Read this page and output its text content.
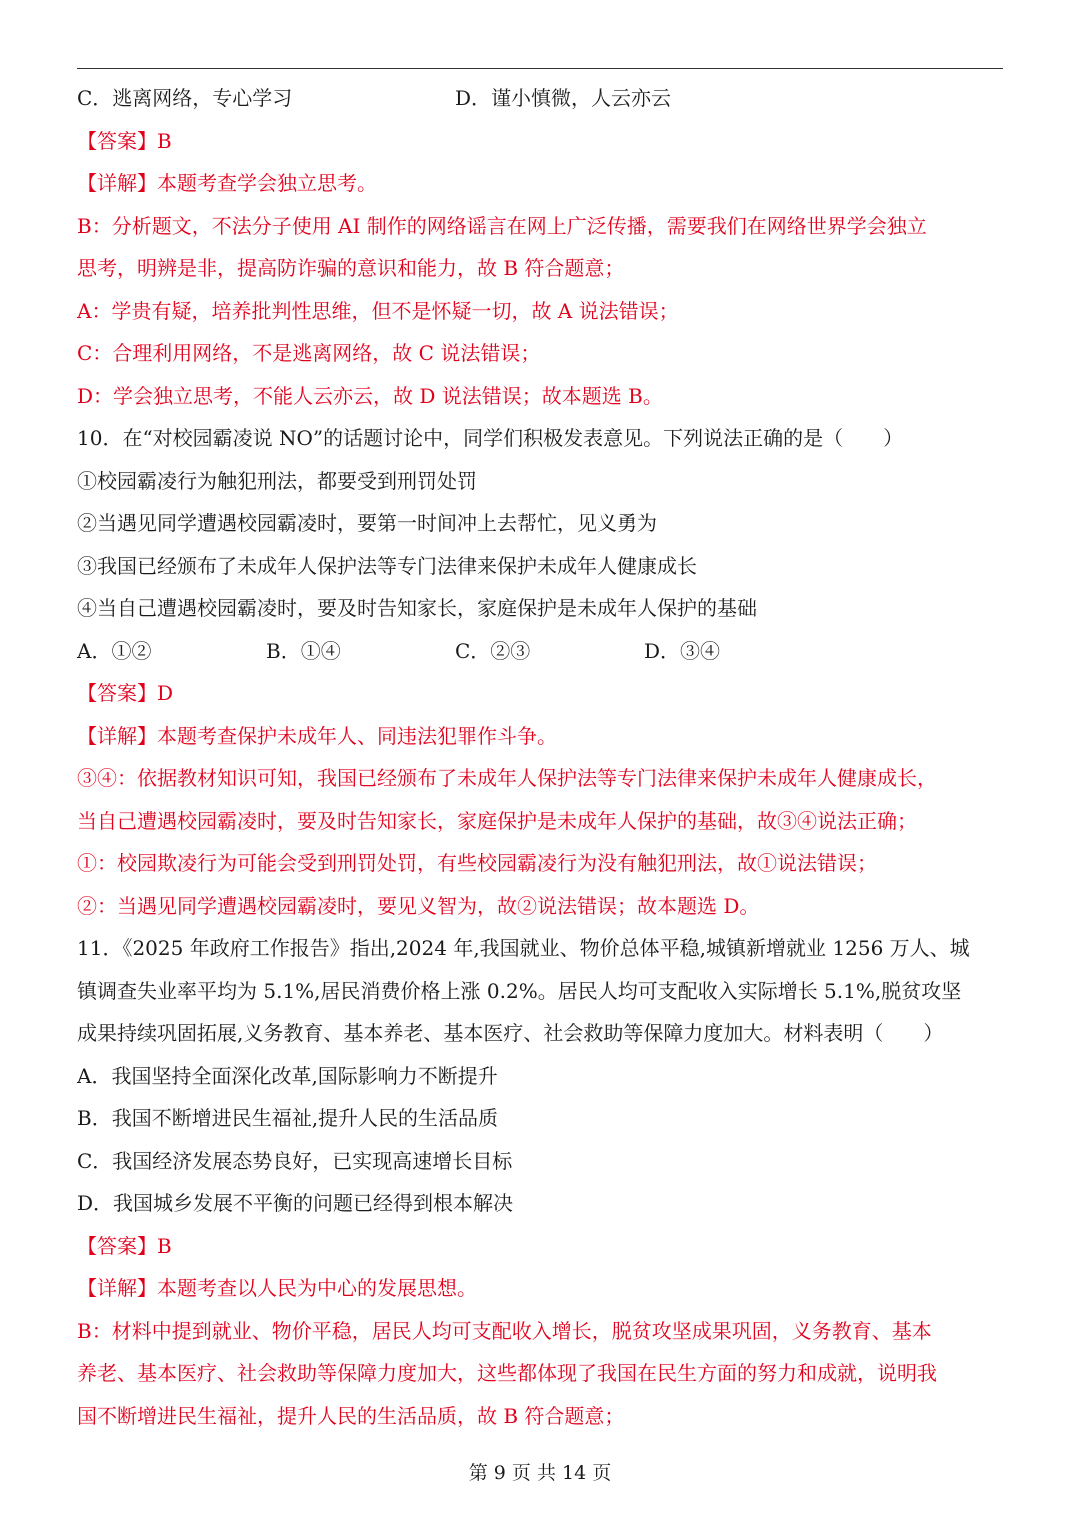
C．逃离网络，专心学习	D．谨小慎微，人云亦云
【答案】B
【详解】本题考查学会独立思考。
B：分析题文，不法分子使用 AI 制作的网络谣言在网上广泛传播，需要我们在网络世界学会独立
思考，明辨是非，提高防诈骗的意识和能力，故 B 符合题意；
A：学贵有疑，培养批判性思维，但不是怀疑一切，故 A 说法错误；
C：合理利用网络，不是逃离网络，故 C 说法错误；
D：学会独立思考，不能人云亦云，故 D 说法错误；故本题选 B。
10．在“对校园霸凌说 NO”的话题讨论中，同学们积极发表意见。下列说法正确的是（　　）
①校园霸凌行为触犯刑法，都要受到刑罚处罚
②当遇见同学遭遇校园霸凌时，要第一时间冲上去帮忙，见义勇为
③我国已经颁布了未成年人保护法等专门法律来保护未成年人健康成长
④当自己遭遇校园霸凌时，要及时告知家长，家庭保护是未成年人保护的基础
A．①②	B．①④	C．②③	D．③④
【答案】D
【详解】本题考查保护未成年人、同违法犯罪作斗争。
③④：依据教材知识可知，我国已经颁布了未成年人保护法等专门法律来保护未成年人健康成长，
当自己遭遇校园霸凌时，要及时告知家长，家庭保护是未成年人保护的基础，故③④说法正确；
①：校园欺凌行为可能会受到刑罚处罚，有些校园霸凌行为没有触犯刑法，故①说法错误；
②：当遇见同学遭遇校园霸凌时，要见义智为，故②说法错误；故本题选 D。
11．《2025 年政府工作报告》指出,2024 年,我国就业、物价总体平稳,城镇新增就业 1256 万人、城
镇调查失业率平均为 5.1%,居民消费价格上涨 0.2%。居民人均可支配收入实际增长 5.1%,脱贫攻坚
成果持续巩固拓展,义务教育、基本养老、基本医疗、社会救助等保障力度加大。材料表明（　　）
A．我国坚持全面深化改革,国际影响力不断提升
B．我国不断增进民生福祉,提升人民的生活品质
C．我国经济发展态势良好，已实现高速增长目标
D．我国城乡发展不平衡的问题已经得到根本解决
【答案】B
【详解】本题考查以人民为中心的发展思想。
B：材料中提到就业、物价平稳，居民人均可支配收入增长，脱贫攻坚成果巩固，义务教育、基本
养老、基本医疗、社会救助等保障力度加大，这些都体现了我国在民生方面的努力和成就，说明我
国不断增进民生福祉，提升人民的生活品质，故 B 符合题意；
第 9 页 共 14 页
